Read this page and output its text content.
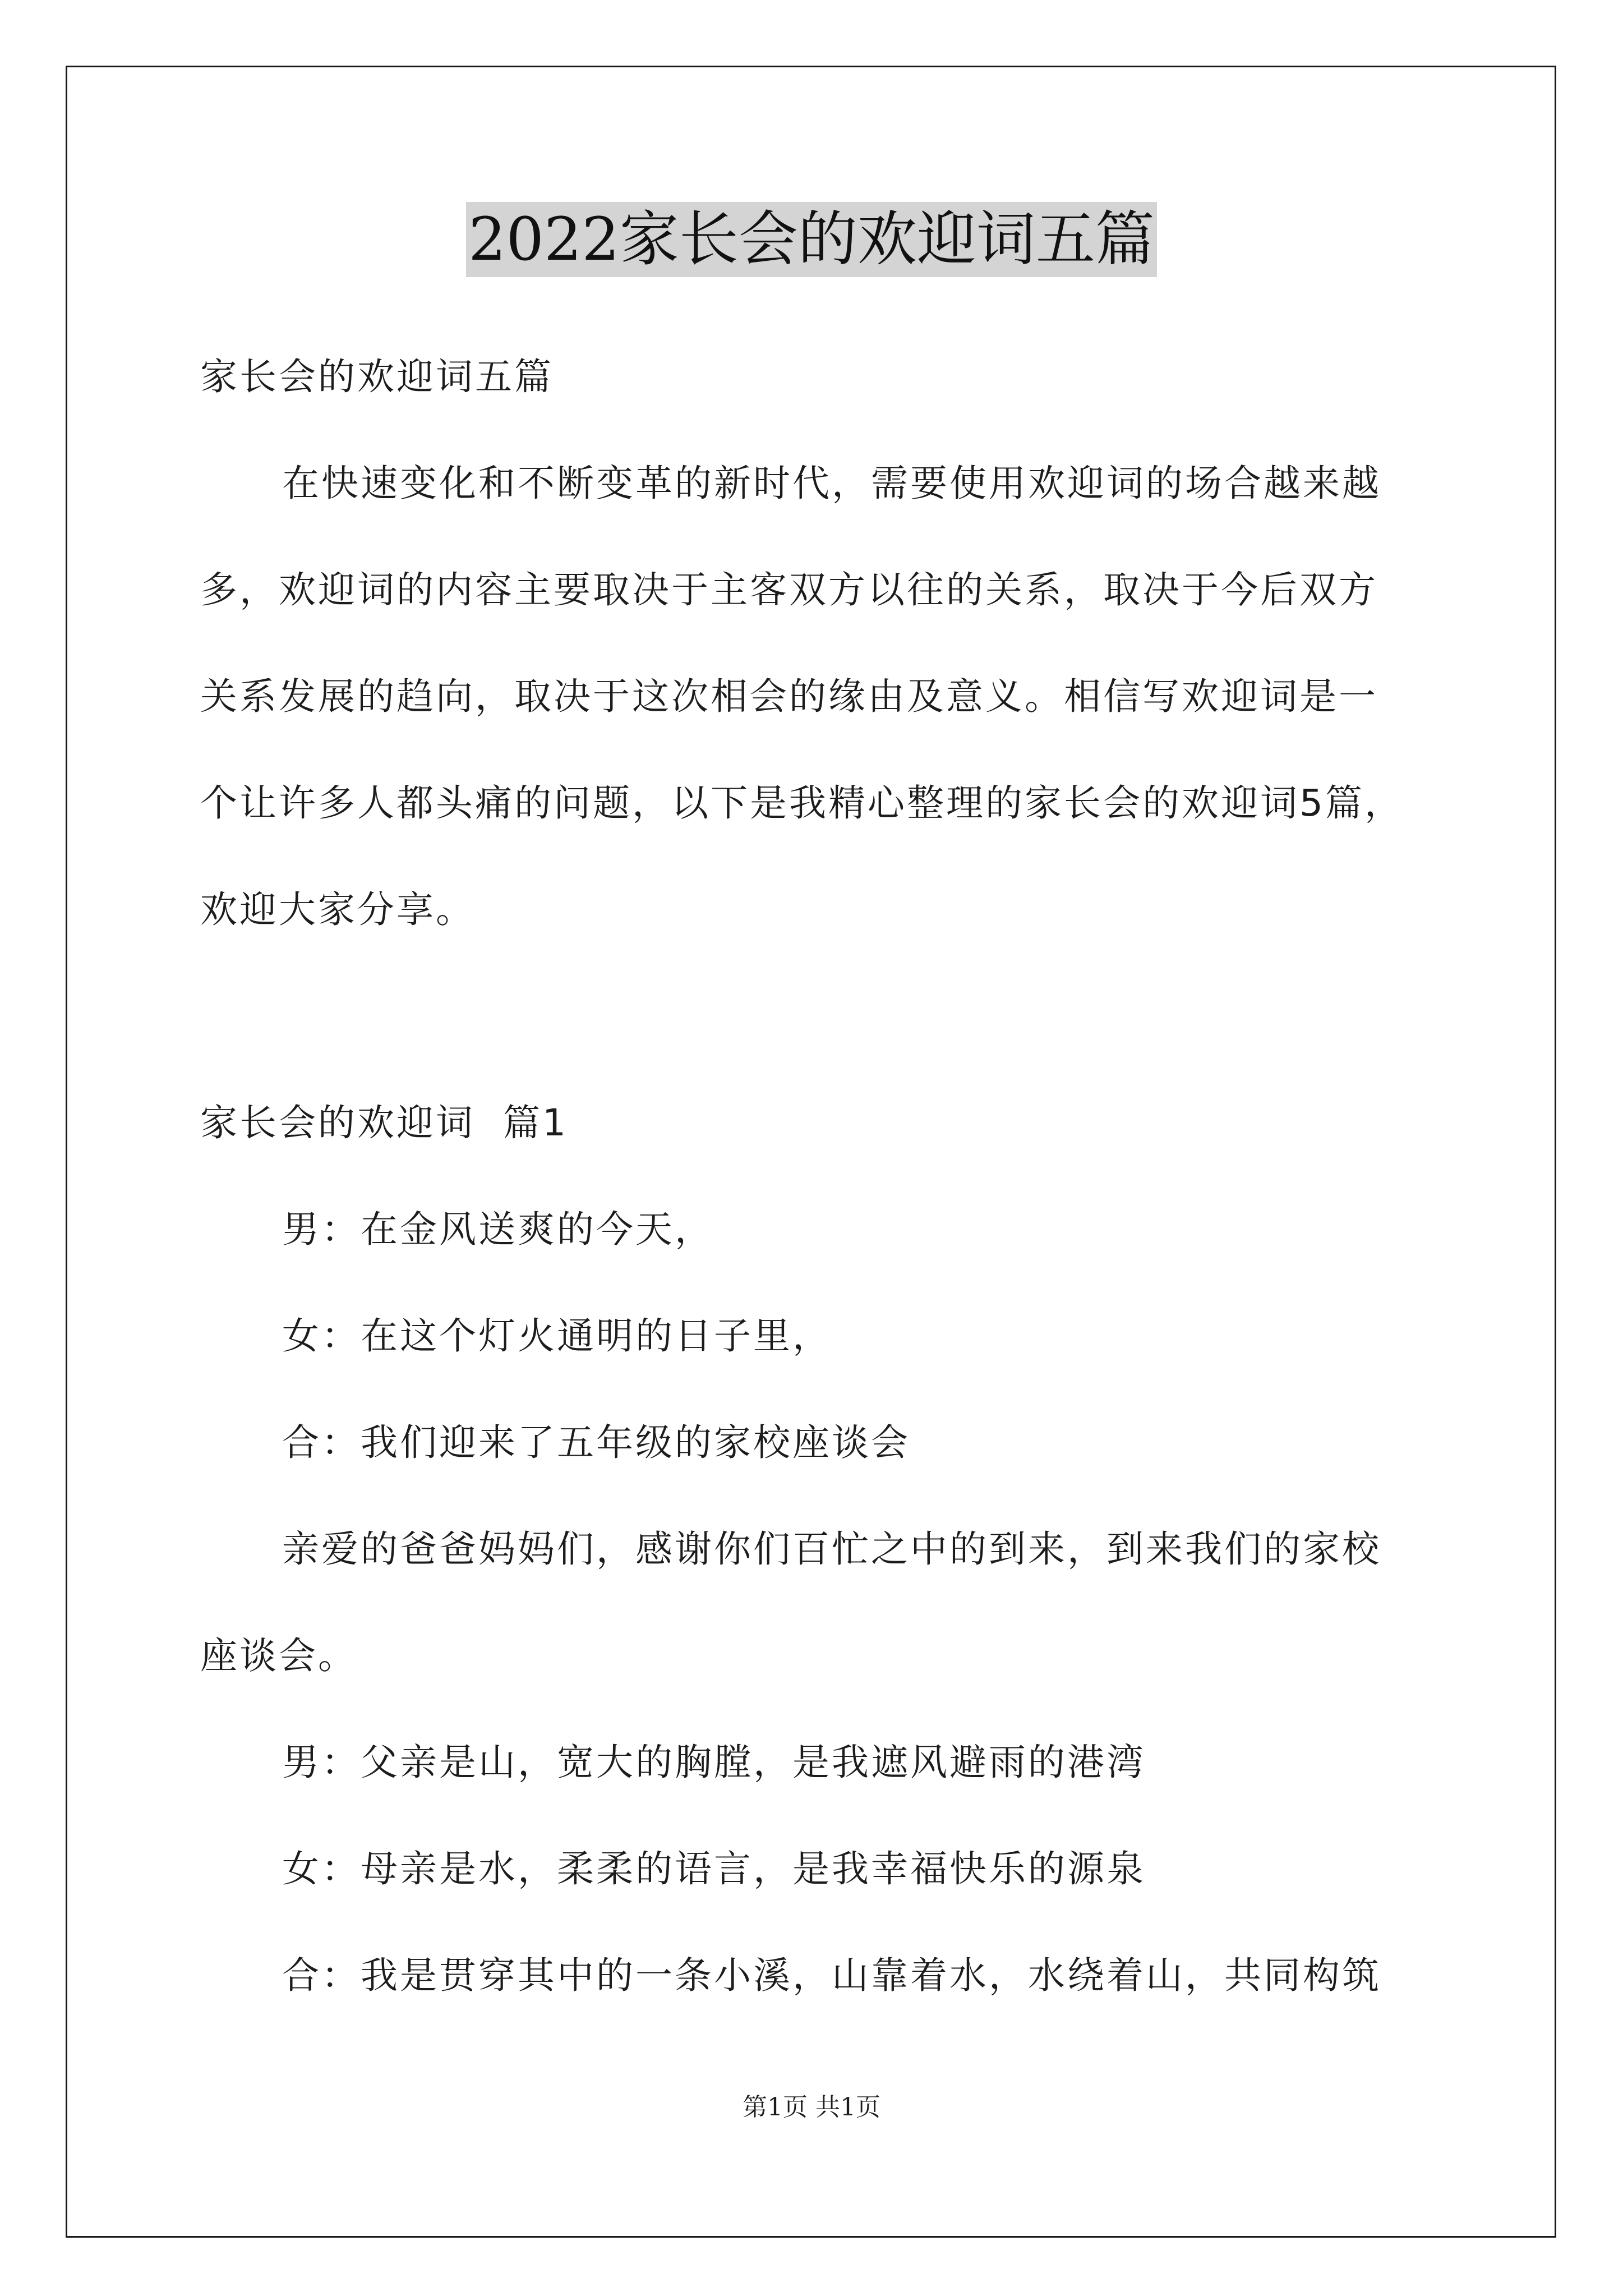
2022家长会的欢迎词五篇
家长会的欢迎词五篇
在快速变化和不断变革的新时代，需要使用欢迎词的场合越来越
多，欢迎词的内容主要取决于主客双方以往的关系，取决于今后双方
关系发展的趋向，取决于这次相会的缘由及意义。相信写欢迎词是一
个让许多人都头痛的问题，以下是我精心整理的家长会的欢迎词5篇，
欢迎大家分享。
家长会的欢迎词  篇1
男：在金风送爽的今天，
女：在这个灯火通明的日子里，
合：我们迎来了五年级的家校座谈会
亲爱的爸爸妈妈们，感谢你们百忙之中的到来，到来我们的家校
座谈会。
男：父亲是山，宽大的胸膛，是我遮风避雨的港湾
女：母亲是水，柔柔的语言，是我幸福快乐的源泉
合：我是贯穿其中的一条小溪，山靠着水，水绕着山，共同构筑
第1页 共1页
